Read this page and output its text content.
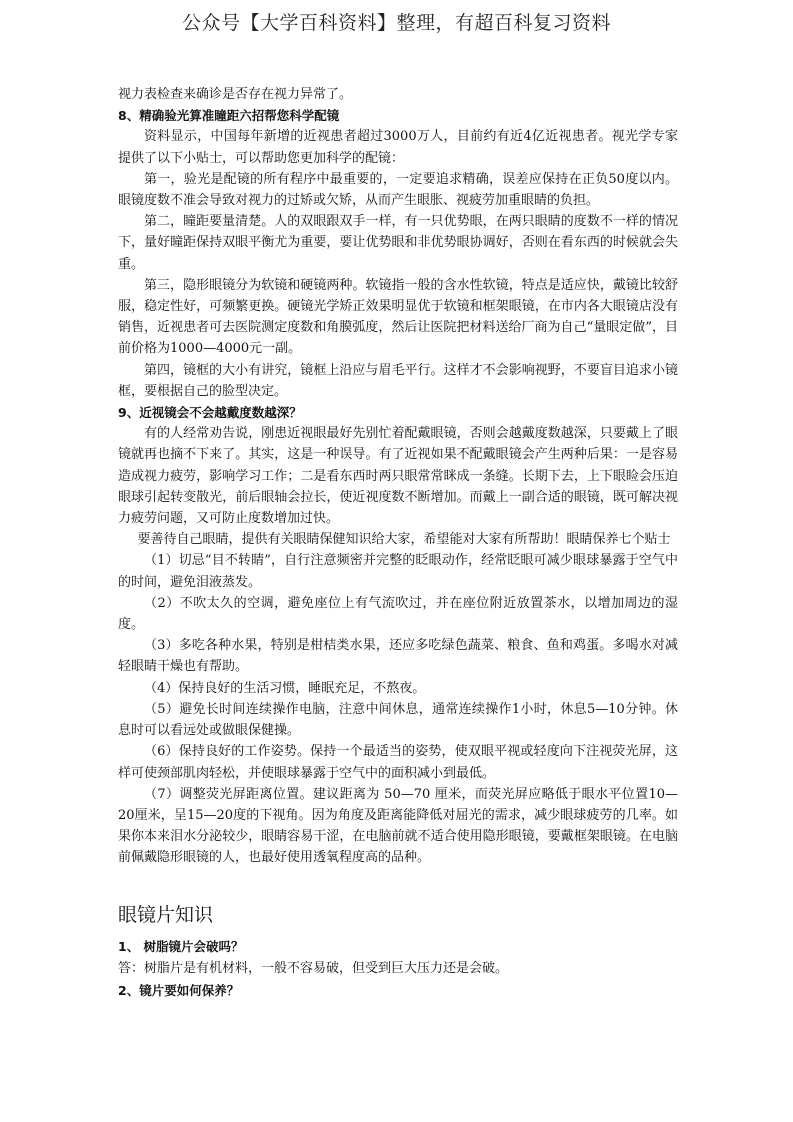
公众号【大学百科资料】整理，有超百科复习资料

视力表检查来确诊是否存在视力异常了。

8、精确验光算准瞳距六招帮您科学配镜

资料显示，中国每年新增的近视患者超过3000万人，目前约有近4亿近视患者。视光学专家提供了以下小贴士，可以帮助您更加科学的配镜：

第一，验光是配镜的所有程序中最重要的，一定要追求精确，误差应保持在正负50度以内。眼镜度数不准会导致对视力的过矫或欠矫，从而产生眼胀、视疲劳加重眼睛的负担。

第二，瞳距要量清楚。人的双眼跟双手一样，有一只优势眼，在两只眼睛的度数不一样的情况下，量好瞳距保持双眼平衡尤为重要，要让优势眼和非优势眼协调好，否则在看东西的时候就会失重。

第三，隐形眼镜分为软镜和硬镜两种。软镜指一般的含水性软镜，特点是适应快，戴镜比较舒服，稳定性好，可频繁更换。硬镜光学矫正效果明显优于软镜和框架眼镜，在市内各大眼镜店没有销售，近视患者可去医院测定度数和角膜弧度，然后让医院把材料送给厂商为自己“量眼定做”，目前价格为1000—4000元一副。

第四，镜框的大小有讲究，镜框上沿应与眉毛平行。这样才不会影响视野，不要盲目追求小镜框，要根据自己的脸型决定。

9、近视镜会不会越戴度数越深？

有的人经常劝告说，刚患近视眼最好先别忙着配戴眼镜，否则会越戴度数越深，只要戴上了眼镜就再也摘不下来了。其实，这是一种误导。有了近视如果不配戴眼镜会产生两种后果：一是容易造成视力疲劳，影响学习工作；二是看东西时两只眼常常眯成一条缝。长期下去，上下眼睑会压迫眼球引起转变散光，前后眼轴会拉长，使近视度数不断增加。而戴上一副合适的眼镜，既可解决视力疲劳问题，又可防止度数增加过快。

要善待自己眼睛，提供有关眼睛保健知识给大家，希望能对大家有所帮助！眼睛保养七个贴士

（1）切忌“目不转睛”，自行注意频密并完整的眨眼动作，经常眨眼可减少眼球暴露于空气中的时间，避免泪液蒸发。

（2）不吹太久的空调，避免座位上有气流吹过，并在座位附近放置茶水，以增加周边的湿度。

（3）多吃各种水果，特别是柑桔类水果，还应多吃绿色蔬菜、粮食、鱼和鸡蛋。多喝水对减轻眼睛干燥也有帮助。

（4）保持良好的生活习惯，睡眠充足，不熬夜。

（5）避免长时间连续操作电脑，注意中间休息，通常连续操作1小时，休息5—10分钟。休息时可以看远处或做眼保健操。

（6）保持良好的工作姿势。保持一个最适当的姿势，使双眼平视或轻度向下注视荧光屏，这样可使颈部肌肉轻松，并使眼球暴露于空气中的面积减小到最低。

（7）调整荧光屏距离位置。建议距离为 50—70 厘米，而荧光屏应略低于眼水平位置10—20厘米，呈15—20度的下视角。因为角度及距离能降低对屈光的需求，减少眼球疲劳的几率。如果你本来泪水分泌较少，眼睛容易干涩，在电脑前就不适合使用隐形眼镜，要戴框架眼镜。在电脑前佩戴隐形眼镜的人，也最好使用透氧程度高的品种。

眼镜片知识

1、 树脂镜片会破吗？

答：树脂片是有机材料，一般不容易破，但受到巨大压力还是会破。

2、镜片要如何保养？
